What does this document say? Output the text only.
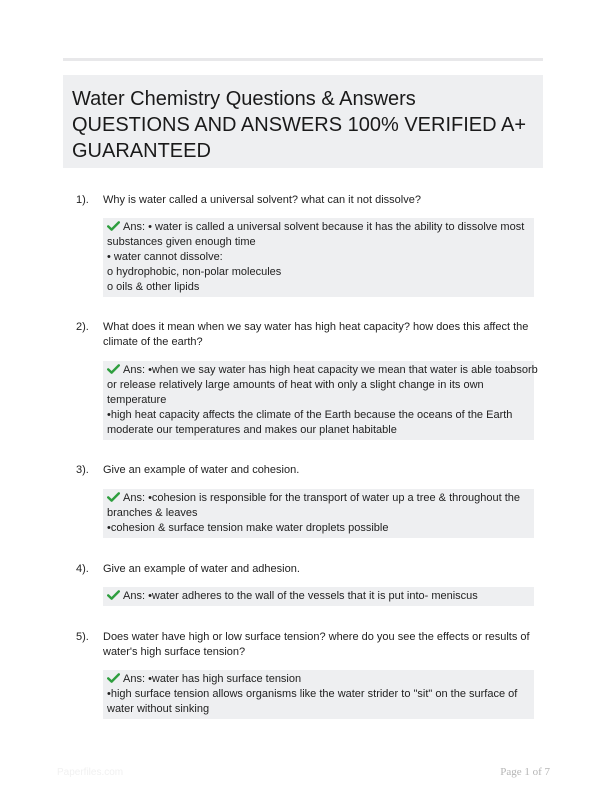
Water Chemistry Questions & Answers
QUESTIONS AND ANSWERS 100% VERIFIED A+
GUARANTEED
1). Why is water called a universal solvent? what can it not dissolve?
Ans: • water is called a universal solvent because it has the ability to dissolve most
substances given enough time
• water cannot dissolve:
o hydrophobic, non-polar molecules
o oils & other lipids
2). What does it mean when we say water has high heat capacity? how does this affect the
climate of the earth?
Ans: •when we say water has high heat capacity we mean that water is able toabsorb
or release relatively large amounts of heat with only a slight change in its own
temperature
•high heat capacity affects the climate of the Earth because the oceans of the Earth
moderate our temperatures and makes our planet habitable
3). Give an example of water and cohesion.
Ans: •cohesion is responsible for the transport of water up a tree & throughout the
branches & leaves
•cohesion & surface tension make water droplets possible
4). Give an example of water and adhesion.
Ans: •water adheres to the wall of the vessels that it is put into- meniscus
5). Does water have high or low surface tension? where do you see the effects or results of
water's high surface tension?
Ans: •water has high surface tension
•high surface tension allows organisms like the water strider to "sit" on the surface of
water without sinking
Paperfiles.com	Page 1 of 7
